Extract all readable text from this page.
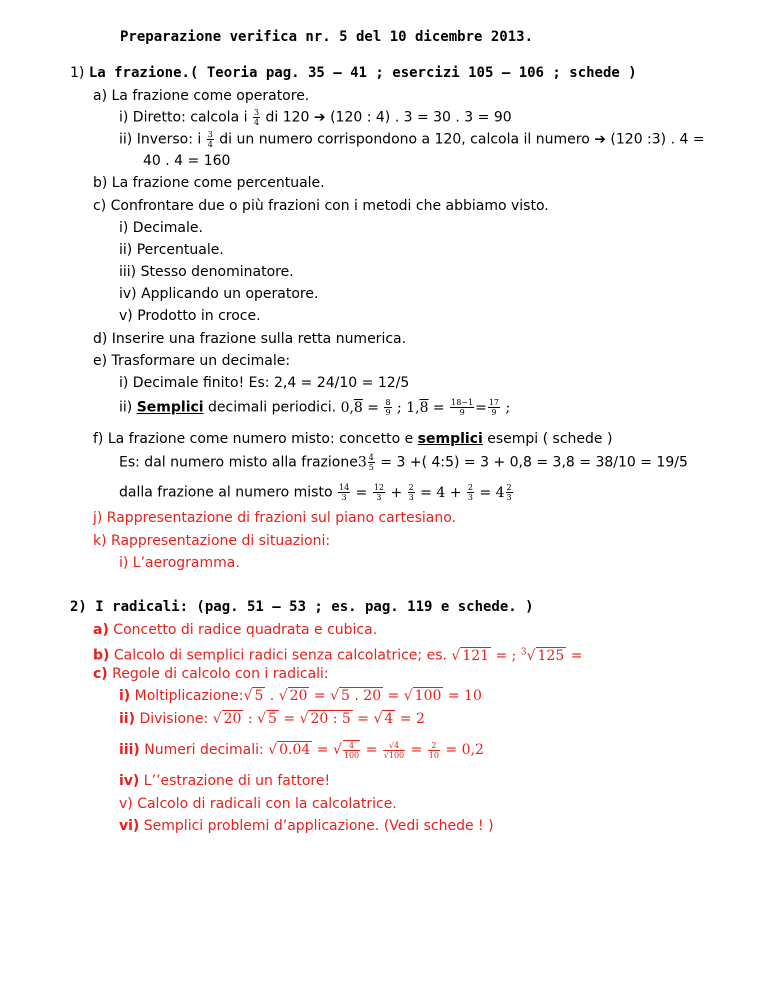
Preparazione verifica nr. 5 del 10 dicembre 2013.
1) La frazione.( Teoria pag. 35 – 41 ; esercizi 105 – 106 ; schede )
a) La frazione come operatore.
i) Diretto: calcola i $\frac{3}{4}$ di 120 ➔ (120 : 4) . 3 = 30 . 3 = 90
ii) Inverso: i $\frac{3}{4}$ di un numero corrispondono a 120, calcola il numero ➔ (120 :3) . 4 =
40 . 4 = 160
b) La frazione come percentuale.
c) Confrontare due o più frazioni con i metodi che abbiamo visto.
i) Decimale.
ii) Percentuale.
iii) Stesso denominatore.
iv) Applicando un operatore.
v) Prodotto in croce.
d) Inserire una frazione sulla retta numerica.
e) Trasformare un decimale:
i) Decimale finito! Es: 2,4 = 24/10 = 12/5
ii) Semplici decimali periodici. $0,8 = \frac{8}{9}$ ; $1,8 = \frac{18-1}{9} = \frac{17}{9}$ ;
f) La frazione come numero misto: concetto e semplici esempi ( schede )
Es: dal numero misto alla frazione3 $\frac{4}{5} = 3$ +( 4:5) = 3 + 0,8 = 3,8 = 38/10 = 19/5
dalla frazione al numero misto $\frac{14}{3} = \frac{12}{3} + \frac{2}{3} = 4 + \frac{2}{3} = 4 \frac{2}{3}$
j) Rappresentazione di frazioni sul piano cartesiano.
k) Rappresentazione di situazioni:
i) L’aerogramma.
2) I radicali: (pag. 51 – 53 ; es. pag. 119 e schede. )
a) Concetto di radice quadrata e cubica.
b) Calcolo di semplici radici senza calcolatrice; es. √ 121 = ; $^3$√ 125 =
c) Regole di calcolo con i radicali:
i) Moltiplicazione:√ 5 . √ 20 = √ 5 . 20 = √ 100 = 10
ii) Divisione: √ 20 : √ 5 = √ 20 : 5 = √ 4 = 2
iii) Numeri decimali: √ 0.04 = √ $\frac{4}{100} = \frac{√4}{√100} = \frac{2}{10} = 0,2$
iv) L’’estrazione di un fattore!
v) Calcolo di radicali con la calcolatrice.
vi) Semplici problemi d’applicazione. (Vedi schede ! )
